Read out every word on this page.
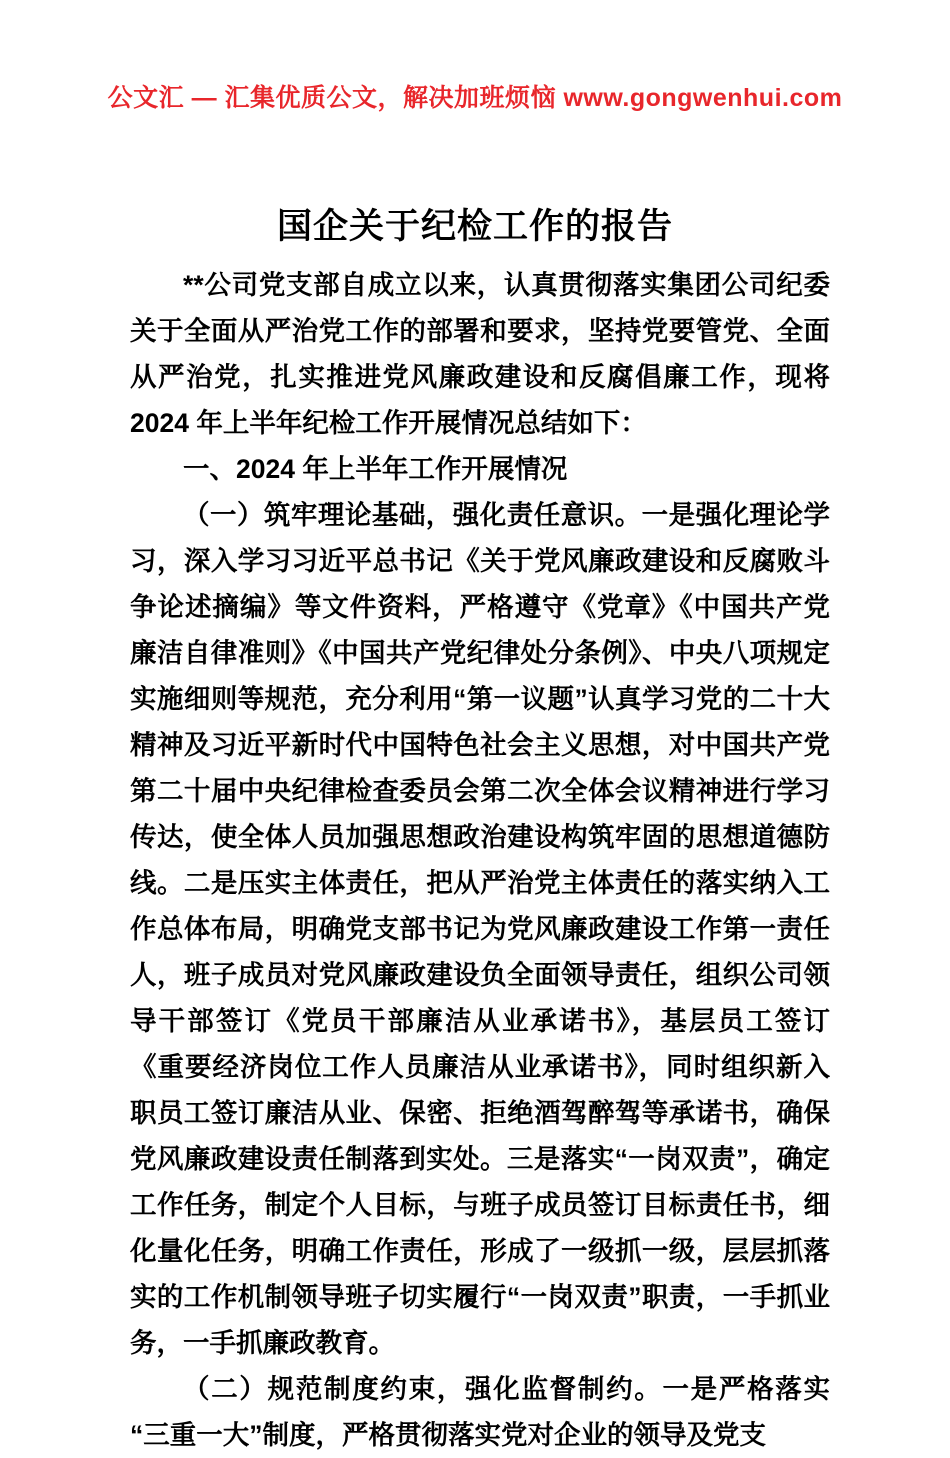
公文汇 — 汇集优质公文，解决加班烦恼 www.gongwenhui.com
国企关于纪检工作的报告

**公司党支部自成立以来，认真贯彻落实集团公司纪委关于全面从严治党工作的部署和要求，坚持党要管党、全面从严治党，扎实推进党风廉政建设和反腐倡廉工作，现将 2024 年上半年纪检工作开展情况总结如下：

一、2024 年上半年工作开展情况

（一）筑牢理论基础，强化责任意识。一是强化理论学习，深入学习习近平总书记《关于党风廉政建设和反腐败斗争论述摘编》等文件资料，严格遵守《党章》《中国共产党廉洁自律准则》《中国共产党纪律处分条例》、中央八项规定实施细则等规范，充分利用“第一议题”认真学习党的二十大精神及习近平新时代中国特色社会主义思想，对中国共产党第二十届中央纪律检查委员会第二次全体会议精神进行学习传达，使全体人员加强思想政治建设构筑牢固的思想道德防线。二是压实主体责任，把从严治党主体责任的落实纳入工作总体布局，明确党支部书记为党风廉政建设工作第一责任人，班子成员对党风廉政建设负全面领导责任，组织公司领导干部签订《党员干部廉洁从业承诺书》，基层员工签订《重要经济岗位工作人员廉洁从业承诺书》，同时组织新入职员工签订廉洁从业、保密、拒绝酒驾醉驾等承诺书，确保党风廉政建设责任制落到实处。三是落实“一岗双责”，确定工作任务，制定个人目标，与班子成员签订目标责任书，细化量化任务，明确工作责任，形成了一级抓一级，层层抓落实的工作机制领导班子切实履行“一岗双责”职责，一手抓业务，一手抓廉政教育。

（二）规范制度约束，强化监督制约。一是严格落实“三重一大”制度，严格贯彻落实党对企业的领导及党支
